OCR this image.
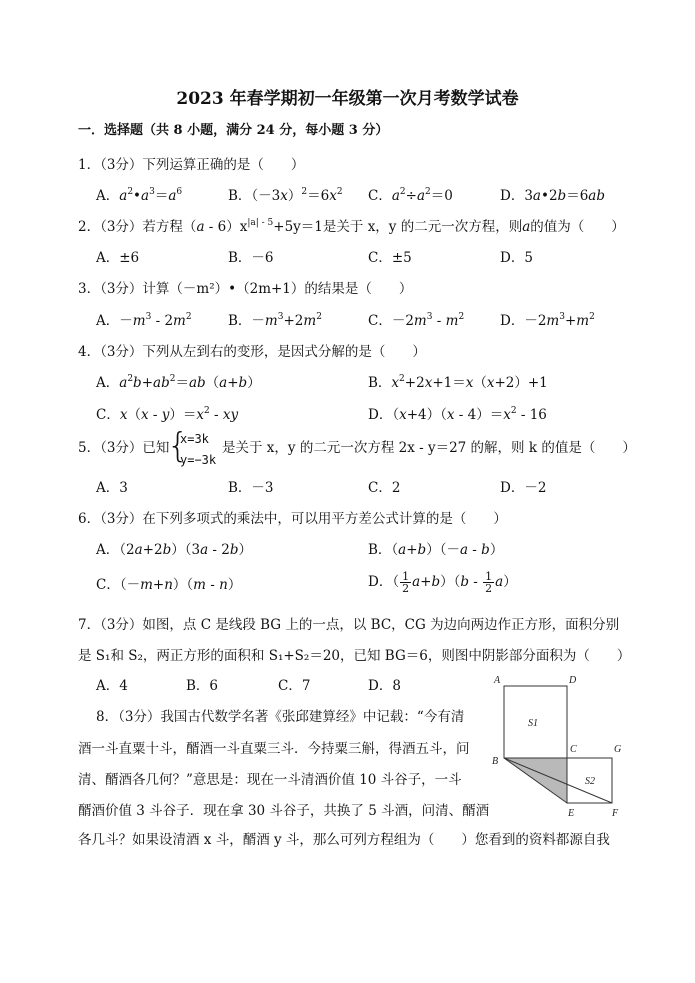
2023 年春学期初一年级第一次月考数学试卷
一．选择题（共 8 小题，满分 24 分，每小题 3 分）
1．（3分）下列运算正确的是（　　）
A．$a^2•a^3=a^6$	B．$(-3x)^2=6x^2$ C．$a^2\div a^2=0$	D．3a•2b＝6ab
2．（3分）若方程$(a - 6)x^{|a| - 5}+5y=1$是关于 x，y 的二元一次方程，则a的值为（　　）
A．±6	B．－6	C．±5	D．5
3．（3分）计算（－m²）•（2m+1）的结果是（　　）
A．$-m^3 - 2m^2$	B．$-m^3+2m^2$	C．$-2m^3 - m^2$	D．$-2m^3+m^2$
4．（3分）下列从左到右的变形，是因式分解的是（　　）
A．$a^2b+ab^2=ab(a+b)$	B．$x^2+2x+1=x(x+2)+1$
C．$x(x - y)=x^2$ - xy	D．$(x+4)(x - 4)=x^2 - 16$
5．（3分）已知
{
x=3k
y=−3k
是关于 x，y 的二元一次方程 2x - y＝27 的解，则 k 的值是（　　）
A．3	B．－3	C．2	D．－2
6．（3分）在下列多项式的乘法中，可以用平方差公式计算的是（　　）
A．（2a+2b）（3a - 2b）	B．（a+b）（－a - b）
C．（－m+n）（m - n）	D．（ $\frac{1}{2} a+b)(b - \frac{1}{2} a)$
7．（3分）如图，点 C 是线段 BG 上的一点，以 BC，CG 为边向两边作正方形，面积分别
是 S₁和 S₂，两正方形的面积和 S₁+S₂＝20，已知 BG＝6，则图中阴影部分面积为（　　）
A．4	B．6	C．7	D．8
8．（3分）我国古代数学名著《张邱建算经》中记载：“今有清
酒一斗直粟十斗，醑酒一斗直粟三斗．今持粟三斛，得酒五斗，问
清、醑酒各几何？”意思是：现在一斗清酒价值 10 斗谷子，一斗
醑酒价值 3 斗谷子．现在拿 30 斗谷子，共换了 5 斗酒，问清、醑酒
各几斗？如果设清酒 x 斗，醑酒 y 斗，那么可列方程组为（　　）您看到的资料都源自我
A	D
S1
C	G
B
S2
E	F
